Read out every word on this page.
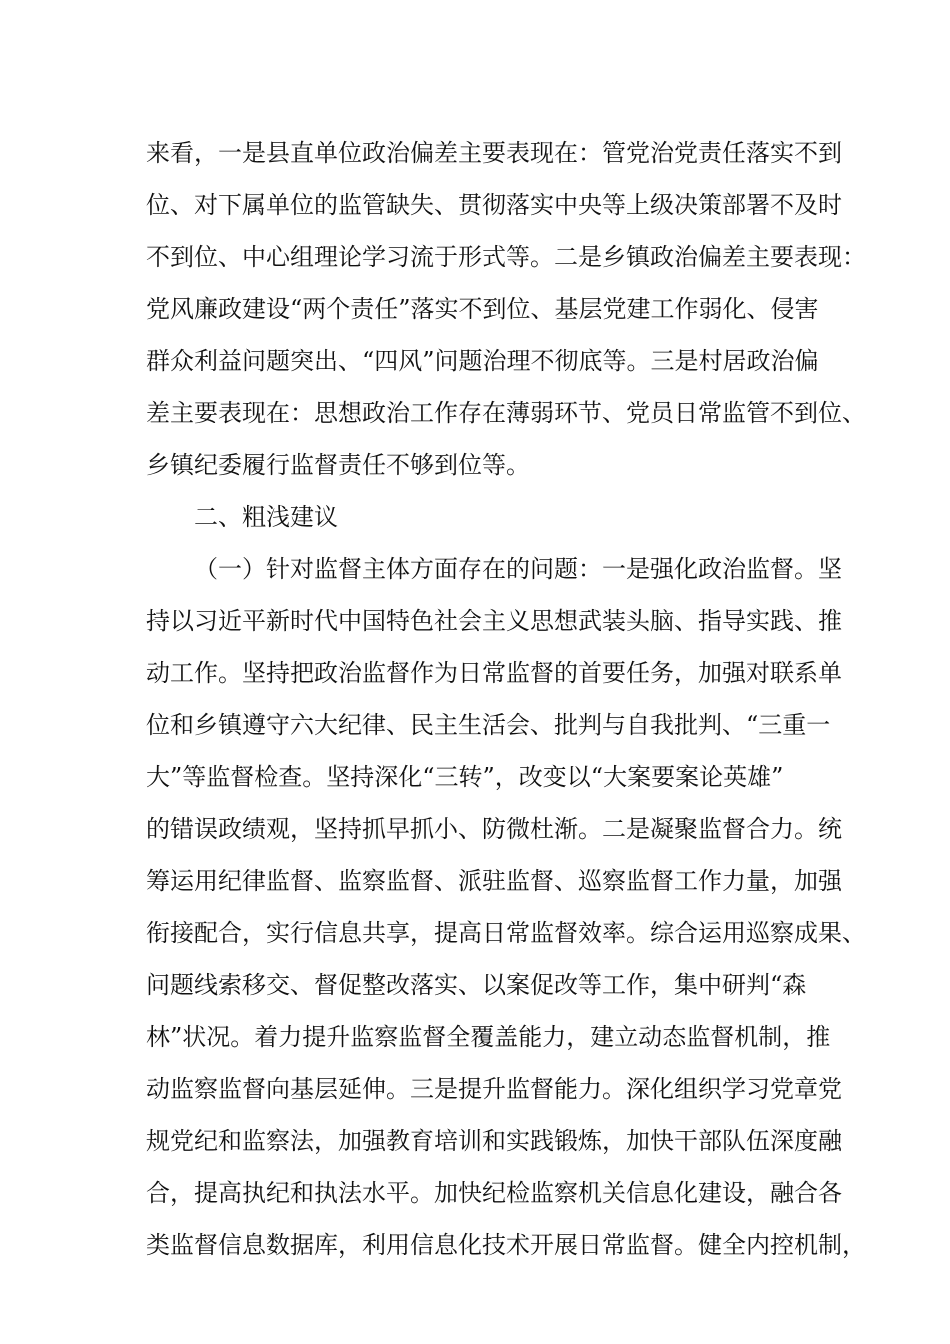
来看，一是县直单位政治偏差主要表现在：管党治党责任落实不到
位、对下属单位的监管缺失、贯彻落实中央等上级决策部署不及时
不到位、中心组理论学习流于形式等。二是乡镇政治偏差主要表现：
党风廉政建设“两个责任”落实不到位、基层党建工作弱化、侵害
群众利益问题突出、“四风”问题治理不彻底等。三是村居政治偏
差主要表现在：思想政治工作存在薄弱环节、党员日常监管不到位、
乡镇纪委履行监督责任不够到位等。
二、粗浅建议
（一）针对监督主体方面存在的问题：一是强化政治监督。坚
持以习近平新时代中国特色社会主义思想武装头脑、指导实践、推
动工作。坚持把政治监督作为日常监督的首要任务，加强对联系单
位和乡镇遵守六大纪律、民主生活会、批判与自我批判、“三重一
大”等监督检查。坚持深化“三转”，改变以“大案要案论英雄”
的错误政绩观，坚持抓早抓小、防微杜渐。二是凝聚监督合力。统
筹运用纪律监督、监察监督、派驻监督、巡察监督工作力量，加强
衔接配合，实行信息共享，提高日常监督效率。综合运用巡察成果、
问题线索移交、督促整改落实、以案促改等工作，集中研判“森
林”状况。着力提升监察监督全覆盖能力，建立动态监督机制，推
动监察监督向基层延伸。三是提升监督能力。深化组织学习党章党
规党纪和监察法，加强教育培训和实践锻炼，加快干部队伍深度融
合，提高执纪和执法水平。加快纪检监察机关信息化建设，融合各
类监督信息数据库，利用信息化技术开展日常监督。健全内控机制，
